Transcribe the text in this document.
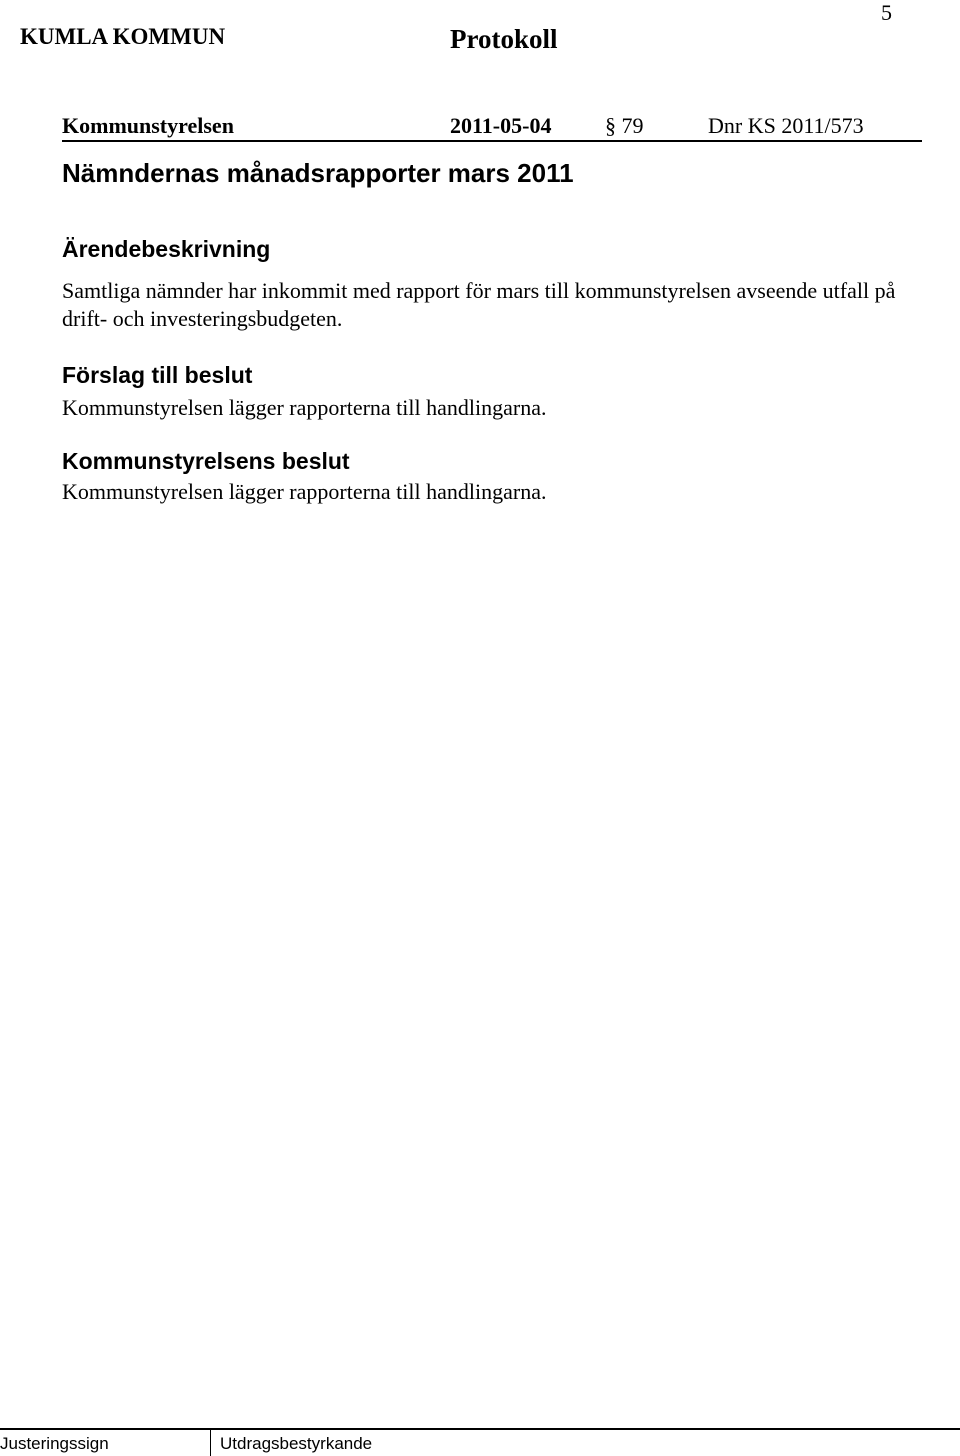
5
KUMLA KOMMUN	Protokoll
Kommunstyrelsen	2011-05-04 § 79	Dnr KS 2011/573
Nämndernas månadsrapporter mars 2011
Ärendebeskrivning
Samtliga nämnder har inkommit med rapport för mars till kommunstyrelsen avseende utfall på drift- och investeringsbudgeten.
Förslag till beslut
Kommunstyrelsen lägger rapporterna till handlingarna.
Kommunstyrelsens beslut
Kommunstyrelsen lägger rapporterna till handlingarna.
Justeringssign	Utdragsbestyrkande
